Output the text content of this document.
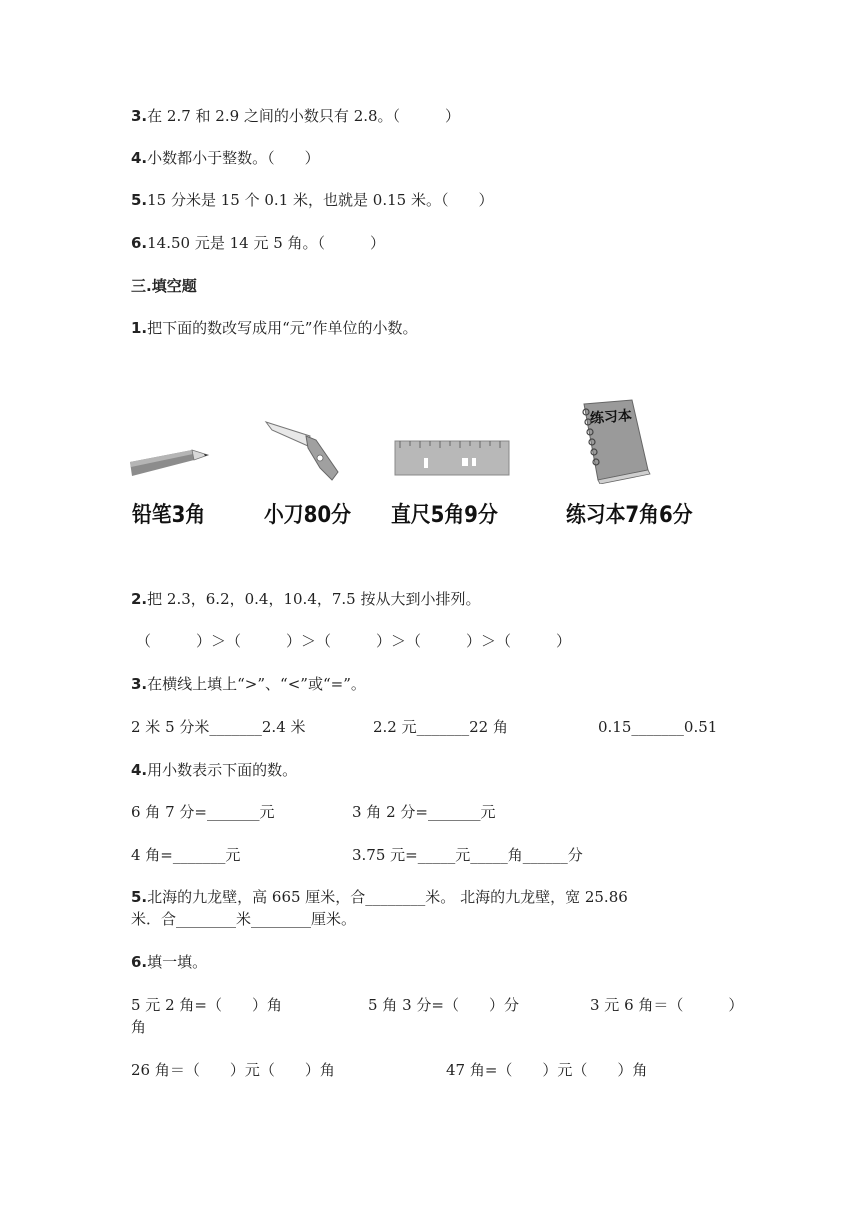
3.在 2.7 和 2.9 之间的小数只有 2.8。（　　　）
4.小数都小于整数。（　　）
5.15 分米是 15 个 0.1 米，也就是 0.15 米。（　　）
6.14.50 元是 14 元 5 角。（　　　）
三.填空题
1.把下面的数改写成用“元”作单位的小数。
练习本
铅笔3角	小刀80分 直尺5角9分	练习本7角6分
2.把 2.3，6.2，0.4，10.4，7.5 按从大到小排列。
（　　　）＞（　　　）＞（　　　）＞（　　　）＞（　　　）
3.在横线上填上“>”、“<”或“=”。
2 米 5 分米_______2.4 米	2.2 元_______22 角	0.15_______0.51
4.用小数表示下面的数。
6 角 7 分=_______元	3 角 2 分=_______元
4 角=_______元	3.75 元=_____元_____角______分
5.北海的九龙壁，高 665 厘米，合________米。 北海的九龙壁，宽 25.86
米．合________米________厘米。
6.填一填。
5 元 2 角=（　　）角	5 角 3 分=（　　）分	3 元 6 角＝（　　　）
角
26 角＝（　　）元（　　）角	47 角=（　　）元（　　）角
